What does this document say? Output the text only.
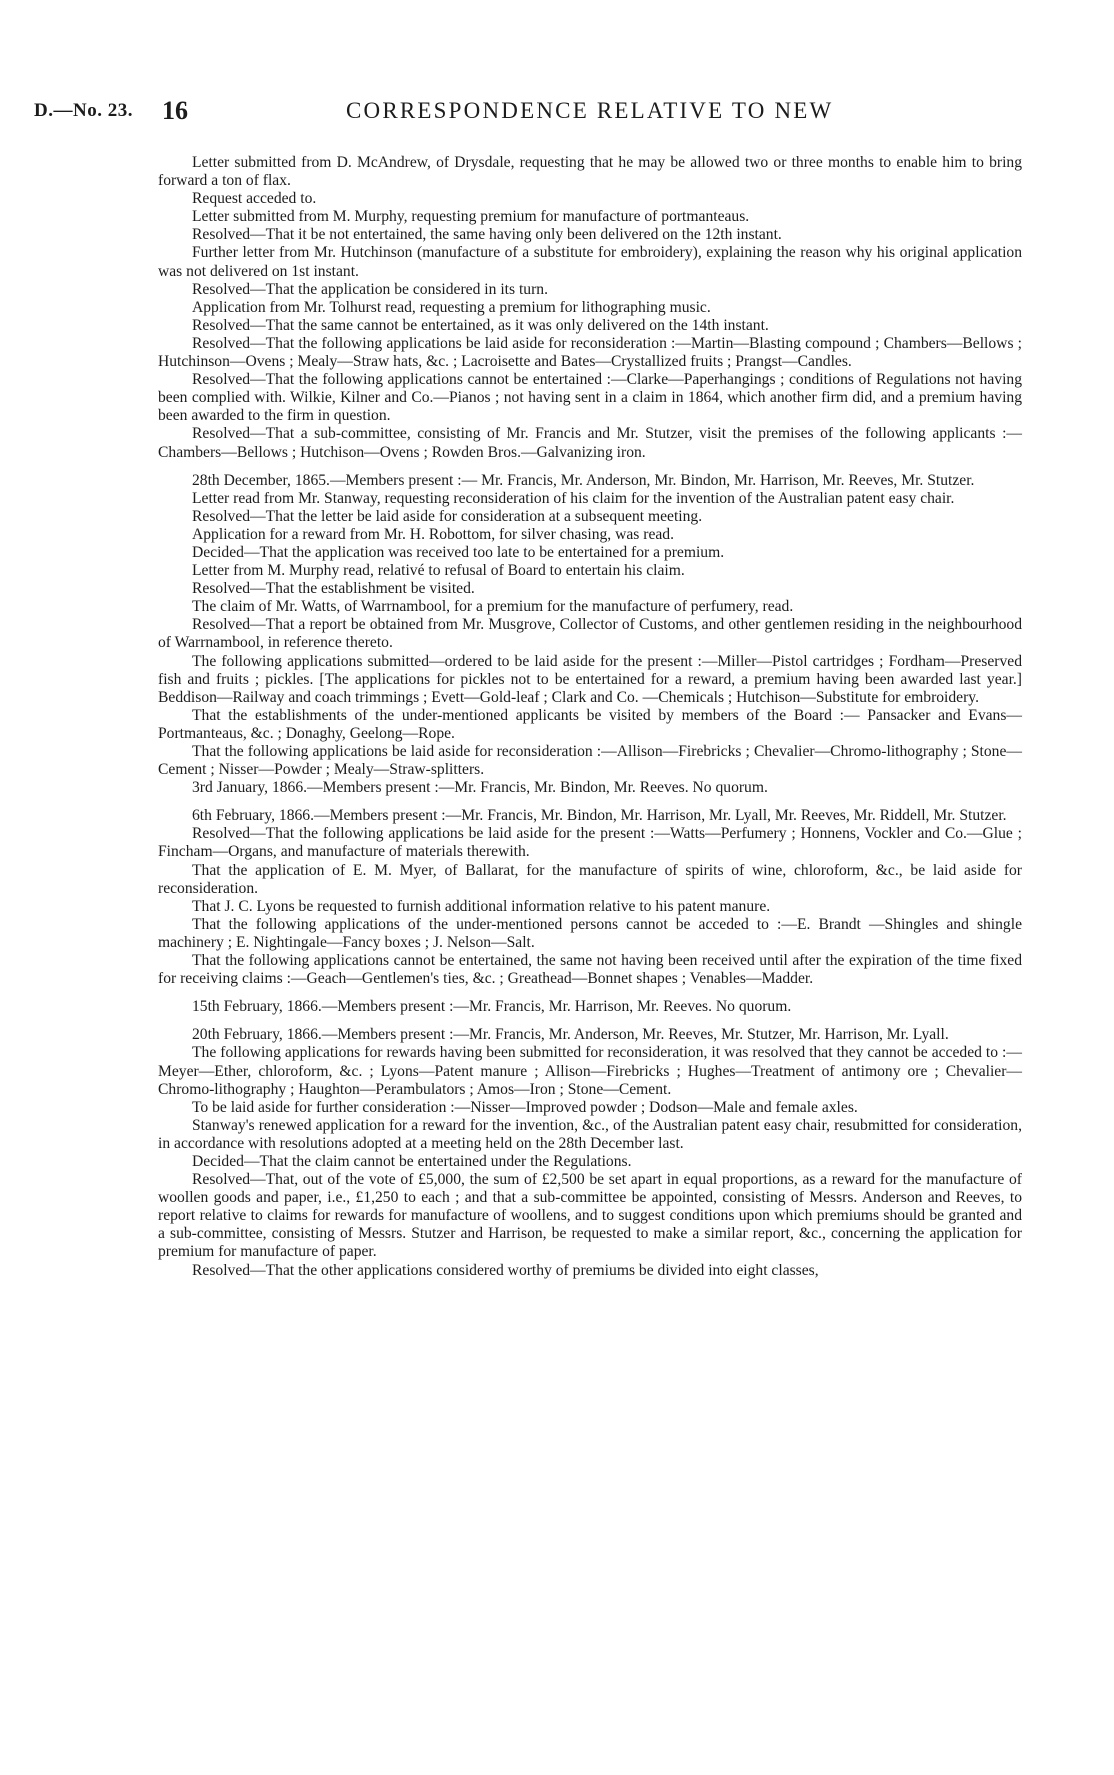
D.—No. 23. 16	CORRESPONDENCE RELATIVE TO NEW

Letter submitted from D. McAndrew, of Drysdale, requesting that he may be allowed two or three months to enable him to bring forward a ton of flax.

Request acceded to.

Letter submitted from M. Murphy, requesting premium for manufacture of portmanteaus.

Resolved—That it be not entertained, the same having only been delivered on the 12th instant.

Further letter from Mr. Hutchinson (manufacture of a substitute for embroidery), explaining the reason why his original application was not delivered on 1st instant.

Resolved—That the application be considered in its turn.

Application from Mr. Tolhurst read, requesting a premium for lithographing music.

Resolved—That the same cannot be entertained, as it was only delivered on the 14th instant.

Resolved—That the following applications be laid aside for reconsideration :—Martin—Blasting compound ; Chambers—Bellows ; Hutchinson—Ovens ; Mealy—Straw hats, &c. ; Lacroisette and Bates—Crystallized fruits ; Prangst—Candles.

Resolved—That the following applications cannot be entertained :—Clarke—Paperhangings ; conditions of Regulations not having been complied with. Wilkie, Kilner and Co.—Pianos ; not having sent in a claim in 1864, which another firm did, and a premium having been awarded to the firm in question.

Resolved—That a sub-committee, consisting of Mr. Francis and Mr. Stutzer, visit the premises of the following applicants :—Chambers—Bellows ; Hutchison—Ovens ; Rowden Bros.—Galvanizing iron.

28th December, 1865.—Members present :— Mr. Francis, Mr. Anderson, Mr. Bindon, Mr. Harrison, Mr. Reeves, Mr. Stutzer.

Letter read from Mr. Stanway, requesting reconsideration of his claim for the invention of the Australian patent easy chair.

Resolved—That the letter be laid aside for consideration at a subsequent meeting.

Application for a reward from Mr. H. Robottom, for silver chasing, was read.

Decided—That the application was received too late to be entertained for a premium.

Letter from M. Murphy read, relativé to refusal of Board to entertain his claim.

Resolved—That the establishment be visited.

The claim of Mr. Watts, of Warrnambool, for a premium for the manufacture of perfumery, read.

Resolved—That a report be obtained from Mr. Musgrove, Collector of Customs, and other gentlemen residing in the neighbourhood of Warrnambool, in reference thereto.

The following applications submitted—ordered to be laid aside for the present :—Miller—Pistol cartridges ; Fordham—Preserved fish and fruits ; pickles. [The applications for pickles not to be entertained for a reward, a premium having been awarded last year.] Beddison—Railway and coach trimmings ; Evett—Gold-leaf ; Clark and Co. —Chemicals ; Hutchison—Substitute for embroidery.

That the establishments of the under-mentioned applicants be visited by members of the Board :— Pansacker and Evans—Portmanteaus, &c. ; Donaghy, Geelong—Rope.

That the following applications be laid aside for reconsideration :—Allison—Firebricks ; Chevalier—Chromo-lithography ; Stone—Cement ; Nisser—Powder ; Mealy—Straw-splitters.

3rd January, 1866.—Members present :—Mr. Francis, Mr. Bindon, Mr. Reeves. No quorum.

6th February, 1866.—Members present :—Mr. Francis, Mr. Bindon, Mr. Harrison, Mr. Lyall, Mr. Reeves, Mr. Riddell, Mr. Stutzer.

Resolved—That the following applications be laid aside for the present :—Watts—Perfumery ; Honnens, Vockler and Co.—Glue ; Fincham—Organs, and manufacture of materials therewith.

That the application of E. M. Myer, of Ballarat, for the manufacture of spirits of wine, chloroform, &c., be laid aside for reconsideration.

That J. C. Lyons be requested to furnish additional information relative to his patent manure.

That the following applications of the under-mentioned persons cannot be acceded to :—E. Brandt —Shingles and shingle machinery ; E. Nightingale—Fancy boxes ; J. Nelson—Salt.

That the following applications cannot be entertained, the same not having been received until after the expiration of the time fixed for receiving claims :—Geach—Gentlemen's ties, &c. ; Greathead—Bonnet shapes ; Venables—Madder.

15th February, 1866.—Members present :—Mr. Francis, Mr. Harrison, Mr. Reeves. No quorum.

20th February, 1866.—Members present :—Mr. Francis, Mr. Anderson, Mr. Reeves, Mr. Stutzer, Mr. Harrison, Mr. Lyall.

The following applications for rewards having been submitted for reconsideration, it was resolved that they cannot be acceded to :—Meyer—Ether, chloroform, &c. ; Lyons—Patent manure ; Allison—Firebricks ; Hughes—Treatment of antimony ore ; Chevalier—Chromo-lithography ; Haughton—Perambulators ; Amos—Iron ; Stone—Cement.

To be laid aside for further consideration :—Nisser—Improved powder ; Dodson—Male and female axles.

Stanway's renewed application for a reward for the invention, &c., of the Australian patent easy chair, resubmitted for consideration, in accordance with resolutions adopted at a meeting held on the 28th December last.

Decided—That the claim cannot be entertained under the Regulations.

Resolved—That, out of the vote of £5,000, the sum of £2,500 be set apart in equal proportions, as a reward for the manufacture of woollen goods and paper, i.e., £1,250 to each ; and that a sub-committee be appointed, consisting of Messrs. Anderson and Reeves, to report relative to claims for rewards for manufacture of woollens, and to suggest conditions upon which premiums should be granted and a sub-committee, consisting of Messrs. Stutzer and Harrison, be requested to make a similar report, &c., concerning the application for premium for manufacture of paper.

Resolved—That the other applications considered worthy of premiums be divided into eight classes,
